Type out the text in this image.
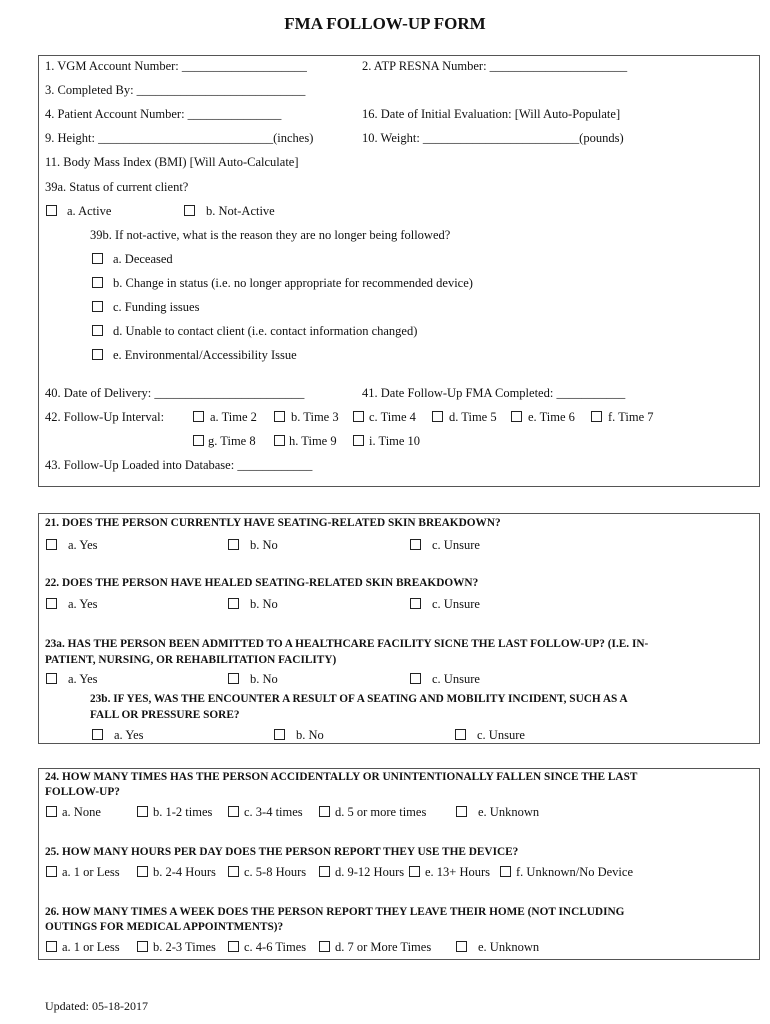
FMA FOLLOW-UP FORM
1. VGM Account Number: ____________________	2. ATP RESNA Number: ______________________
3. Completed By: ___________________________
4. Patient Account Number: _______________	16. Date of Initial Evaluation: [Will Auto-Populate]
9. Height: ____________________________(inches)	10. Weight: _________________________(pounds)
11. Body Mass Index (BMI) [Will Auto-Calculate]
39a. Status of current client?
a. Active	b. Not-Active
39b. If not-active, what is the reason they are no longer being followed?
a. Deceased
b. Change in status (i.e. no longer appropriate for recommended device)
c. Funding issues
d. Unable to contact client (i.e. contact information changed)
e. Environmental/Accessibility Issue
40. Date of Delivery: ________________________	41. Date Follow-Up FMA Completed: ___________
42. Follow-Up Interval:	a. Time 2	b. Time 3 c. Time 4	d. Time 5	e. Time 6	f. Time 7
g. Time 8	h. Time 9	i. Time 10
43. Follow-Up Loaded into Database: ____________
21. DOES THE PERSON CURRENTLY HAVE SEATING-RELATED SKIN BREAKDOWN?
a. Yes	b. No	c. Unsure
22. DOES THE PERSON HAVE HEALED SEATING-RELATED SKIN BREAKDOWN?
a. Yes	b. No	c. Unsure
23a. HAS THE PERSON BEEN ADMITTED TO A HEALTHCARE FACILITY SICNE THE LAST FOLLOW-UP? (I.E. IN-
PATIENT, NURSING, OR REHABILITATION FACILITY)
a. Yes	b. No	c. Unsure
23b. IF YES, WAS THE ENCOUNTER A RESULT OF A SEATING AND MOBILITY INCIDENT, SUCH AS A
FALL OR PRESSURE SORE?
a. Yes	b. No	c. Unsure
24. HOW MANY TIMES HAS THE PERSON ACCIDENTALLY OR UNINTENTIONALLY FALLEN SINCE THE LAST
FOLLOW-UP?
a. None	b. 1-2 times	c. 3-4 times	d. 5 or more times	e. Unknown
25. HOW MANY HOURS PER DAY DOES THE PERSON REPORT THEY USE THE DEVICE?
a. 1 or Less	b. 2-4 Hours c. 5-8 Hours d. 9-12 Hours e. 13+ Hours f. Unknown/No Device
26. HOW MANY TIMES A WEEK DOES THE PERSON REPORT THEY LEAVE THEIR HOME (NOT INCLUDING
OUTINGS FOR MEDICAL APPOINTMENTS)?
a. 1 or Less	b. 2-3 Times c. 4-6 Times d. 7 or More Times	e. Unknown
Updated: 05-18-2017
